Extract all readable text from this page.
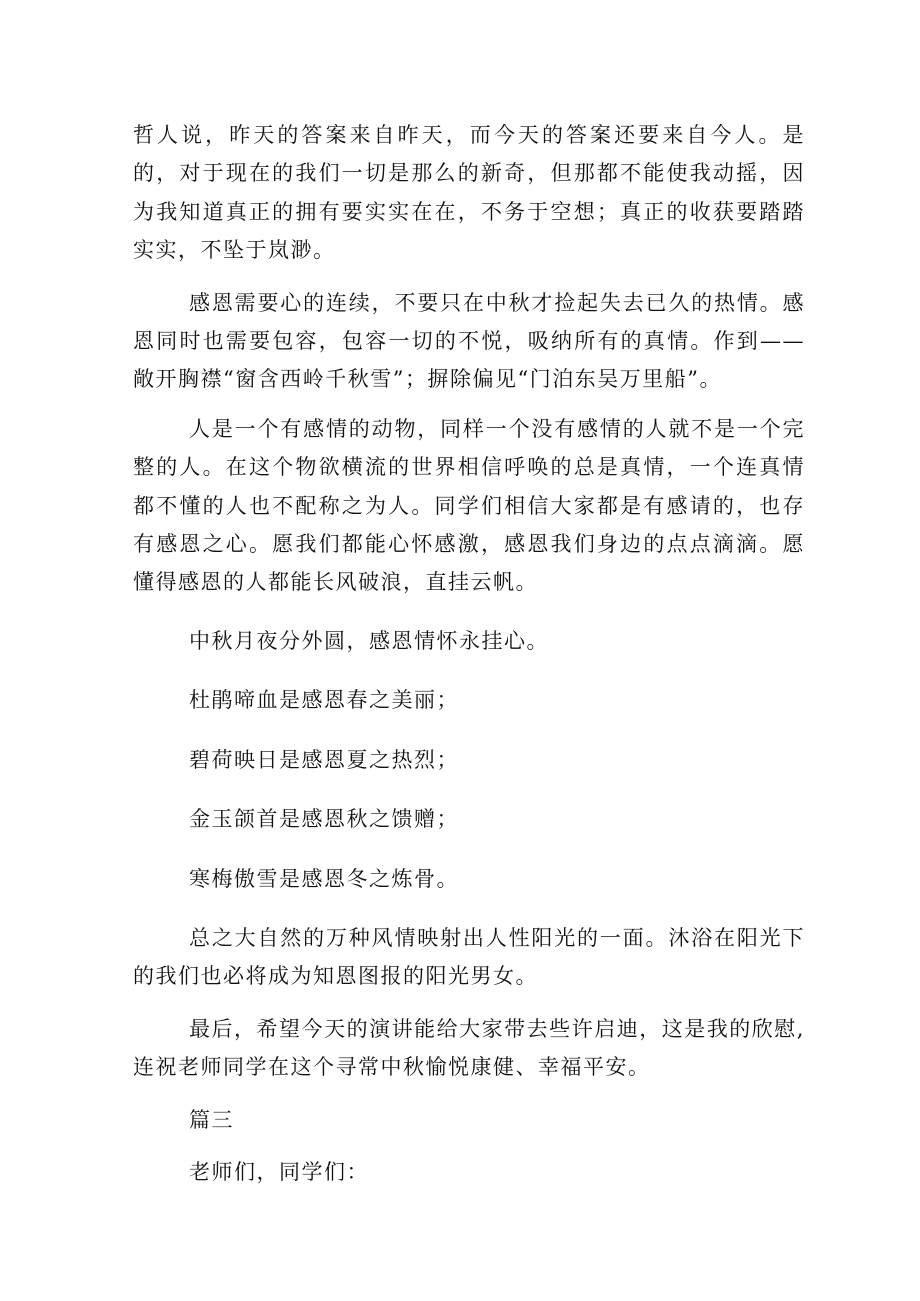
哲人说，昨天的答案来自昨天，而今天的答案还要来自今人。是的，对于现在的我们一切是那么的新奇，但那都不能使我动摇，因为我知道真正的拥有要实实在在，不务于空想；真正的收获要踏踏实实，不坠于岚渺。

感恩需要心的连续，不要只在中秋才捡起失去已久的热情。感恩同时也需要包容，包容一切的不悦，吸纳所有的真情。作到——敞开胸襟“窗含西岭千秋雪”；摒除偏见“门泊东吴万里船”。

人是一个有感情的动物，同样一个没有感情的人就不是一个完整的人。在这个物欲横流的世界相信呼唤的总是真情，一个连真情都不懂的人也不配称之为人。同学们相信大家都是有感请的，也存有感恩之心。愿我们都能心怀感激，感恩我们身边的点点滴滴。愿懂得感恩的人都能长风破浪，直挂云帆。

中秋月夜分外圆，感恩情怀永挂心。

杜鹃啼血是感恩春之美丽；

碧荷映日是感恩夏之热烈；

金玉颌首是感恩秋之馈赠；

寒梅傲雪是感恩冬之炼骨。

总之大自然的万种风情映射出人性阳光的一面。沐浴在阳光下的我们也必将成为知恩图报的阳光男女。

最后，希望今天的演讲能给大家带去些许启迪，这是我的欣慰,连祝老师同学在这个寻常中秋愉悦康健、幸福平安。

篇三

老师们，同学们：
